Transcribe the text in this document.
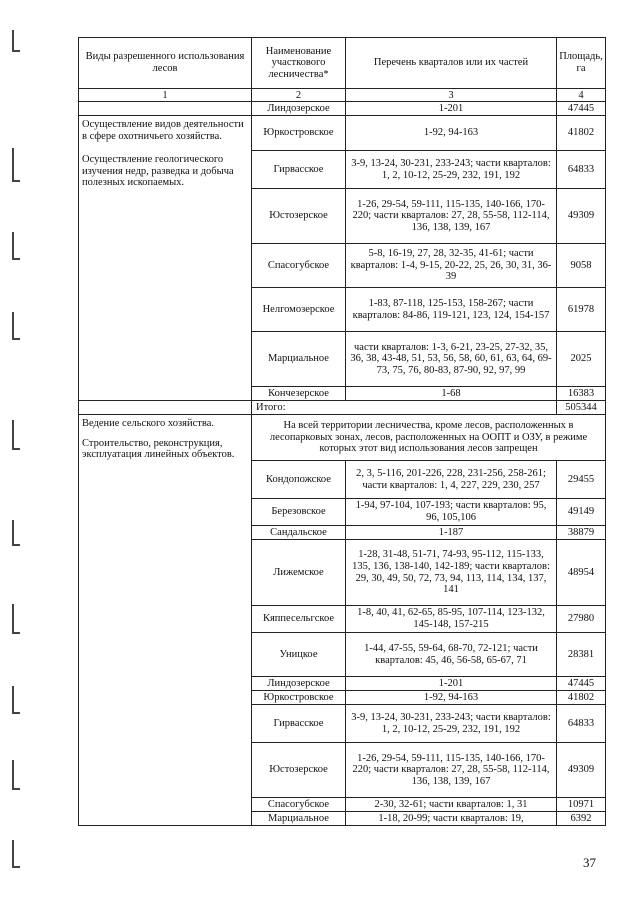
Виды разрешенного использования лесов	Наименование участкового лесничества*	Перечень кварталов или их частей	Площадь, га
1	2	3	4
	Линдозерское	1-201	47445

Осуществление видов деятельности в сфере охотничьего хозяйства.

Осуществление геологического изучения недр, разведка и добыча полезных ископаемых.	Юркостровское	1-92, 94-163	41802
	Гирвасское	3-9, 13-24, 30-231, 233-243; части кварталов: 1, 2, 10-12, 25-29, 232, 191, 192	64833
	Юстозерское	1-26, 29-54, 59-111, 115-135, 140-166, 170-220; части кварталов: 27, 28, 55-58, 112-114, 136, 138, 139, 167	49309
	Спасогубское	5-8, 16-19, 27, 28, 32-35, 41-61; части кварталов: 1-4, 9-15, 20-22, 25, 26, 30, 31, 36-39	9058
	Нелгомозерское	1-83, 87-118, 125-153, 158-267; части кварталов: 84-86, 119-121, 123, 124, 154-157	61978
	Марциальное	части кварталов: 1-3, 6-21, 23-25, 27-32, 35, 36, 38, 43-48, 51, 53, 56, 58, 60, 61, 63, 64, 69-73, 75, 76, 80-83, 87-90, 92, 97, 99	2025
	Кончезерское	1-68	16383
	Итого:		505344

Ведение сельского хозяйства.

Строительство, реконструкция, эксплуатация линейных объектов.	На всей территории лесничества, кроме лесов, расположенных в лесопарковых зонах, лесов, расположенных на ООПТ и ОЗУ, в режиме которых этот вид использования лесов запрещен		
	Кондопожское	2, 3, 5-116, 201-226, 228, 231-256, 258-261; части кварталов: 1, 4, 227, 229, 230, 257	29455
	Березовское	1-94, 97-104, 107-193; части кварталов: 95, 96, 105,106	49149
	Сандальское	1-187	38879
	Лижемское	1-28, 31-48, 51-71, 74-93, 95-112, 115-133, 135, 136, 138-140, 142-189; части кварталов: 29, 30, 49, 50, 72, 73, 94, 113, 114, 134, 137, 141	48954
	Кяппесельгское	1-8, 40, 41, 62-65, 85-95, 107-114, 123-132, 145-148, 157-215	27980
	Уницкое	1-44, 47-55, 59-64, 68-70, 72-121; части кварталов: 45, 46, 56-58, 65-67, 71	28381
	Линдозерское	1-201	47445
	Юркостровское	1-92, 94-163	41802
	Гирвасское	3-9, 13-24, 30-231, 233-243; части кварталов: 1, 2, 10-12, 25-29, 232, 191, 192	64833
	Юстозерское	1-26, 29-54, 59-111, 115-135, 140-166, 170-220; части кварталов: 27, 28, 55-58, 112-114, 136, 138, 139, 167	49309
	Спасогубское	2-30, 32-61; части кварталов: 1, 31	10971
	Марциальное	1-18, 20-99; части кварталов: 19,	6392
37
